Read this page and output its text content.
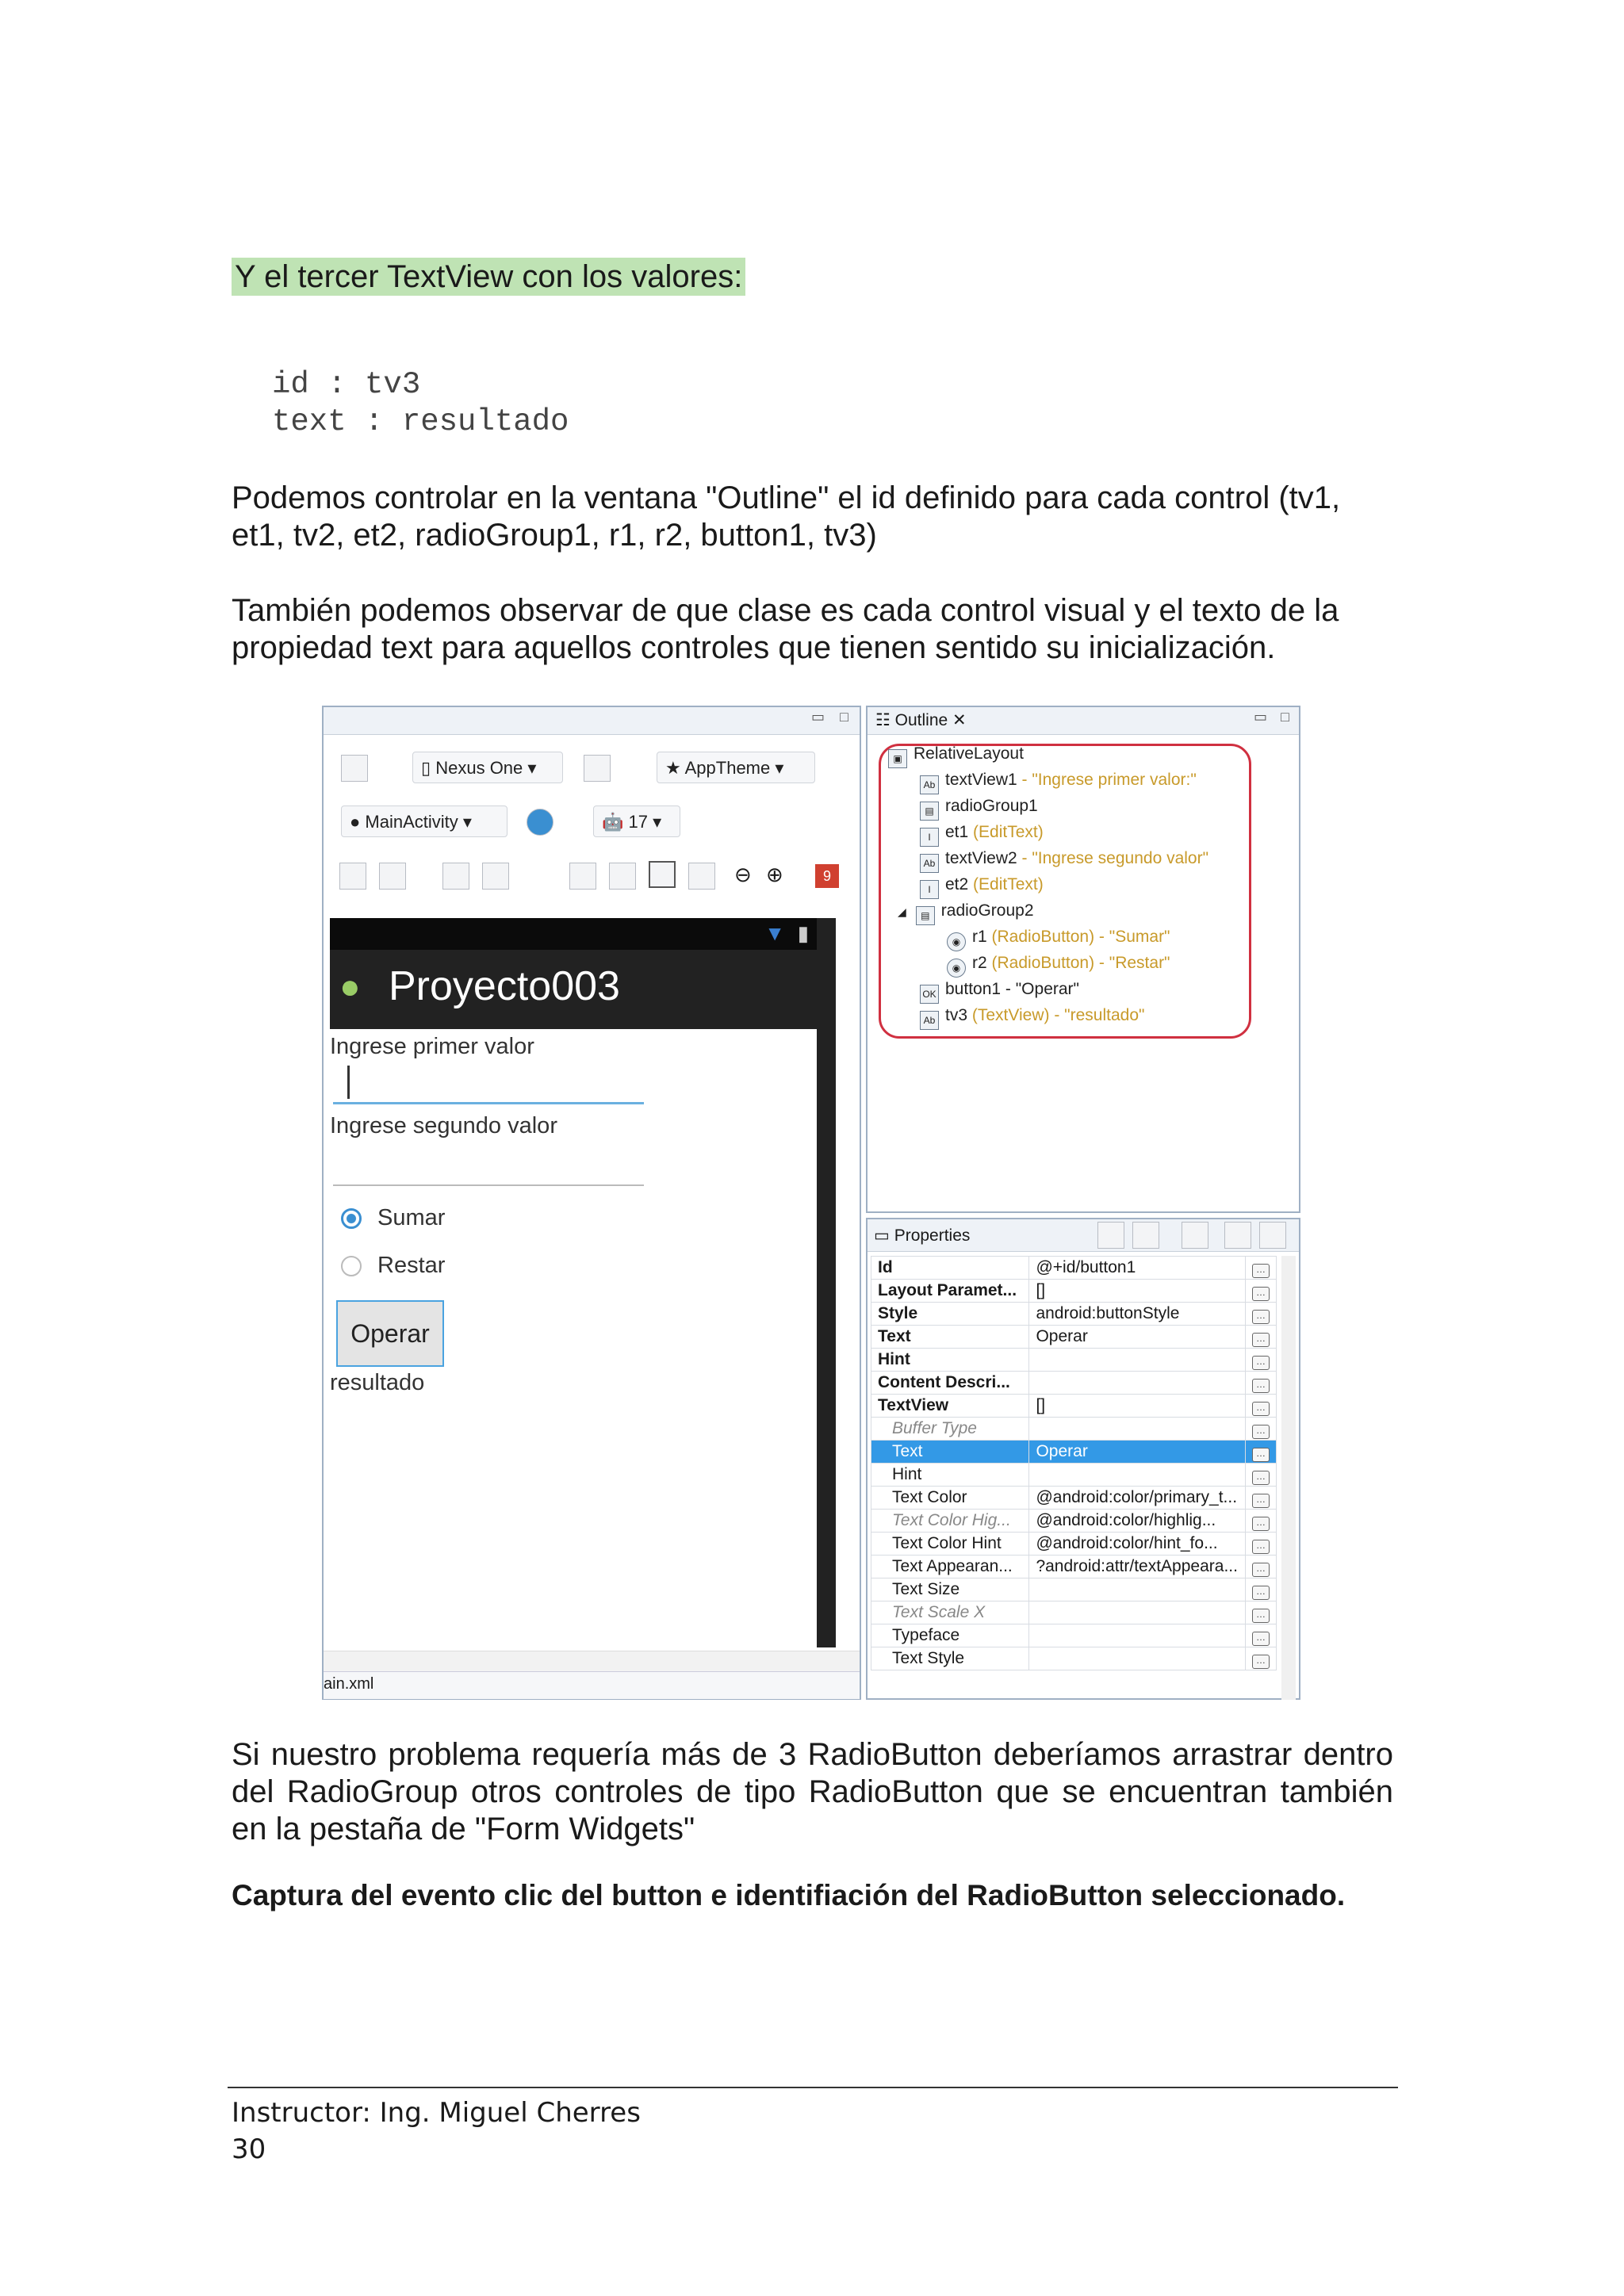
Y el tercer TextView con los valores:
id : tv3
text : resultado
Podemos controlar en la ventana "Outline" el id definido para cada control (tv1, et1, tv2, et2, radioGroup1, r1, r2, button1, tv3)
También podemos observar de que clase es cada control visual y el texto de la propiedad text para aquellos controles que tienen sentido su inicialización.
▭ □
▯ Nexus One ▾	★ AppTheme ▾
● MainActivity ▾	🤖 17 ▾
⊖ ⊕	9
▼ ▮
● Proyecto003
Ingrese primer valor
Ingrese segundo valor
Sumar
Restar
Operar
resultado
ain.xml
☷ Outline ✕	▭ □
▣ RelativeLayout
Ab textView1 - "Ingrese primer valor:"
▤ radioGroup1
I et1 (EditText)
Ab textView2 - "Ingrese segundo valor"
I et2 (EditText)
◢ ▤ radioGroup2
◉ r1 (RadioButton) - "Sumar"
◉ r2 (RadioButton) - "Restar"
OK button1 - "Operar"
Ab tv3 (TextView) - "resultado"
▭ Properties
Id	@+id/button1	…
Layout Paramet...	[]	…
Style	android:buttonStyle	…
Text	Operar	…
Hint		…
Content Descri...		…
TextView	[]	…
Buffer Type		…
Text	Operar	…
Hint		…
Text Color	@android:color/primary_t...	…
Text Color Hig...	@android:color/highlig...	…
Text Color Hint	@android:color/hint_fo...	…
Text Appearan...	?android:attr/textAppeara...	…
Text Size		…
Text Scale X		…
Typeface		…
Text Style		…
Si nuestro problema requería más de 3 RadioButton deberíamos arrastrar dentro del RadioGroup otros controles de tipo RadioButton que se encuentran también en la pestaña de "Form Widgets"
Captura del evento clic del button e identifiación del RadioButton seleccionado.
Instructor: Ing. Miguel Cherres
30
